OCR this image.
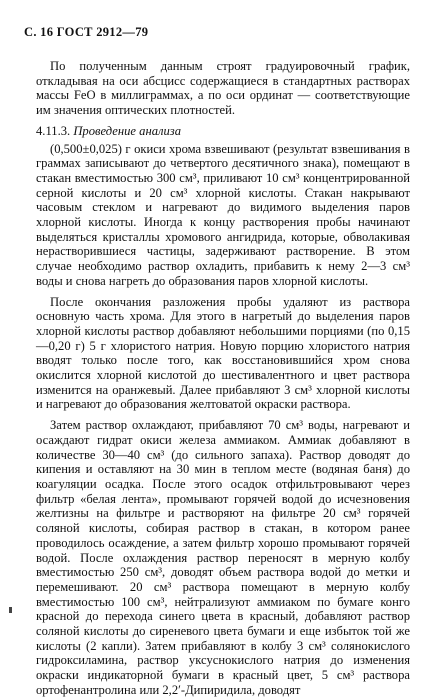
С. 16 ГОСТ 2912—79

По полученным данным строят градуировочный график, откладывая на оси абсцисс содержащиеся в стандартных растворах массы FeO в миллиграммах, а по оси ординат — соответствующие им значения оптических плотностей.

4.11.3. Проведение анализа

(0,500±0,025) г окиси хрома взвешивают (результат взвешивания в граммах записывают до четвертого десятичного знака), помещают в стакан вместимостью 300 см³, приливают 10 см³ концентрированной серной кислоты и 20 см³ хлорной кислоты. Стакан накрывают часовым стеклом и нагревают до видимого выделения паров хлорной кислоты. Иногда к концу растворения пробы начинают выделяться кристаллы хромового ангидрида, которые, обволакивая нерастворившиеся частицы, задерживают растворение. В этом случае необходимо раствор охладить, прибавить к нему 2—3 см³ воды и снова нагреть до образования паров хлорной кислоты.

После окончания разложения пробы удаляют из раствора основную часть хрома. Для этого в нагретый до выделения паров хлорной кислоты раствор добавляют небольшими порциями (по 0,15—0,20 г) 5 г хлористого натрия. Новую порцию хлористого натрия вводят только после того, как восстановившийся хром снова окислится хлорной кислотой до шестивалентного и цвет раствора изменится на оранжевый. Далее прибавляют 3 см³ хлорной кислоты и нагревают до образования желтоватой окраски раствора.

Затем раствор охлаждают, прибавляют 70 см³ воды, нагревают и осаждают гидрат окиси железа аммиаком. Аммиак добавляют в количестве 30—40 см³ (до сильного запаха). Раствор доводят до кипения и оставляют на 30 мин в теплом месте (водяная баня) до коагуляции осадка. После этого осадок отфильтровывают через фильтр «белая лента», промывают горячей водой до исчезновения желтизны на фильтре и растворяют на фильтре 20 см³ горячей соляной кислоты, собирая раствор в стакан, в котором ранее проводилось осаждение, а затем фильтр хорошо промывают горячей водой. После охлаждения раствор переносят в мерную колбу вместимостью 250 см³, доводят объем раствора водой до метки и перемешивают. 20 см³ раствора помещают в мерную колбу вместимостью 100 см³, нейтрализуют аммиаком по бумаге конго красной до перехода синего цвета в красный, добавляют раствор соляной кислоты до сиреневого цвета бумаги и еще избыток той же кислоты (2 капли). Затем прибавляют в колбу 3 см³ солянокислого гидроксиламина, раствор уксуснокислого натрия до изменения окраски индикаторной бумаги в красный цвет, 5 см³ раствора ортофенантролина или 2,2′-Дипиридила, доводят
